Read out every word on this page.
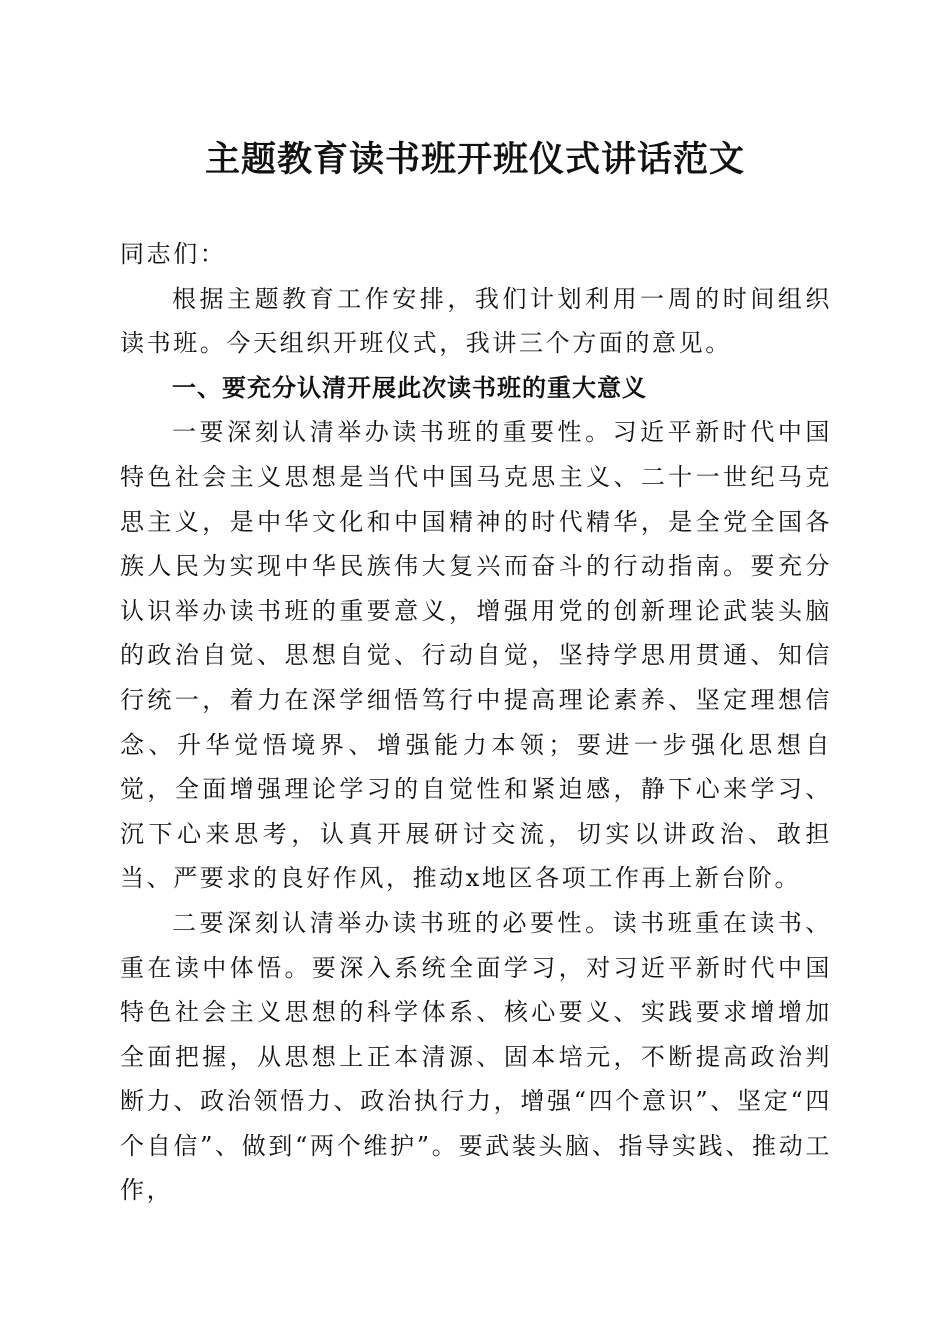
主题教育读书班开班仪式讲话范文

同志们：

根据主题教育工作安排，我们计划利用一周的时间组织读书班。今天组织开班仪式，我讲三个方面的意见。

一、要充分认清开展此次读书班的重大意义

一要深刻认清举办读书班的重要性。习近平新时代中国特色社会主义思想是当代中国马克思主义、二十一世纪马克思主义，是中华文化和中国精神的时代精华，是全党全国各族人民为实现中华民族伟大复兴而奋斗的行动指南。要充分认识举办读书班的重要意义，增强用党的创新理论武装头脑的政治自觉、思想自觉、行动自觉，坚持学思用贯通、知信行统一，着力在深学细悟笃行中提高理论素养、坚定理想信念、升华觉悟境界、增强能力本领；要进一步强化思想自觉，全面增强理论学习的自觉性和紧迫感，静下心来学习、沉下心来思考，认真开展研讨交流，切实以讲政治、敢担当、严要求的良好作风，推动x地区各项工作再上新台阶。

二要深刻认清举办读书班的必要性。读书班重在读书、重在读中体悟。要深入系统全面学习，对习近平新时代中国特色社会主义思想的科学体系、核心要义、实践要求增增加全面把握，从思想上正本清源、固本培元，不断提高政治判断力、政治领悟力、政治执行力，增强“四个意识”、坚定“四个自信”、做到“两个维护”。要武装头脑、指导实践、推动工作，
